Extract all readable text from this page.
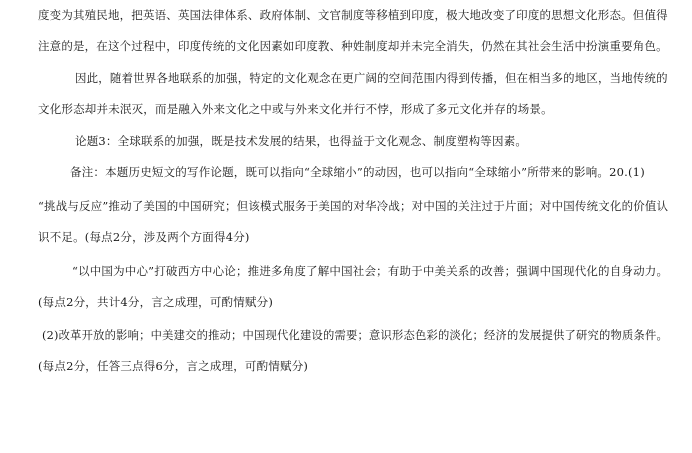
度变为其殖民地，把英语、英国法律体系、政府体制、文官制度等移植到印度，极大地改变了印度的思想文化形态。但值得
注意的是，在这个过程中，印度传统的文化因素如印度教、种姓制度却并未完全消失，仍然在其社会生活中扮演重要角色。
因此，随着世界各地联系的加强，特定的文化观念在更广阔的空间范围内得到传播，但在相当多的地区，当地传统的
文化形态却并未泯灭，而是融入外来文化之中或与外来文化并行不悖，形成了多元文化并存的场景。
论题3：全球联系的加强，既是技术发展的结果，也得益于文化观念、制度塑构等因素。
备注：本题历史短文的写作论题，既可以指向“全球缩小”的动因，也可以指向“全球缩小”所带来的影响。20.(1)
“挑战与反应”推动了美国的中国研究；但该模式服务于美国的对华冷战；对中国的关注过于片面；对中国传统文化的价值认
识不足。(每点2分，涉及两个方面得4分)
“以中国为中心”打破西方中心论；推进多角度了解中国社会；有助于中美关系的改善；强调中国现代化的自身动力。
(每点2分，共计4分，言之成理，可酌情赋分)
(2)改革开放的影响；中美建交的推动；中国现代化建设的需要；意识形态色彩的淡化；经济的发展提供了研究的物质条件。
(每点2分，任答三点得6分，言之成理，可酌情赋分)
